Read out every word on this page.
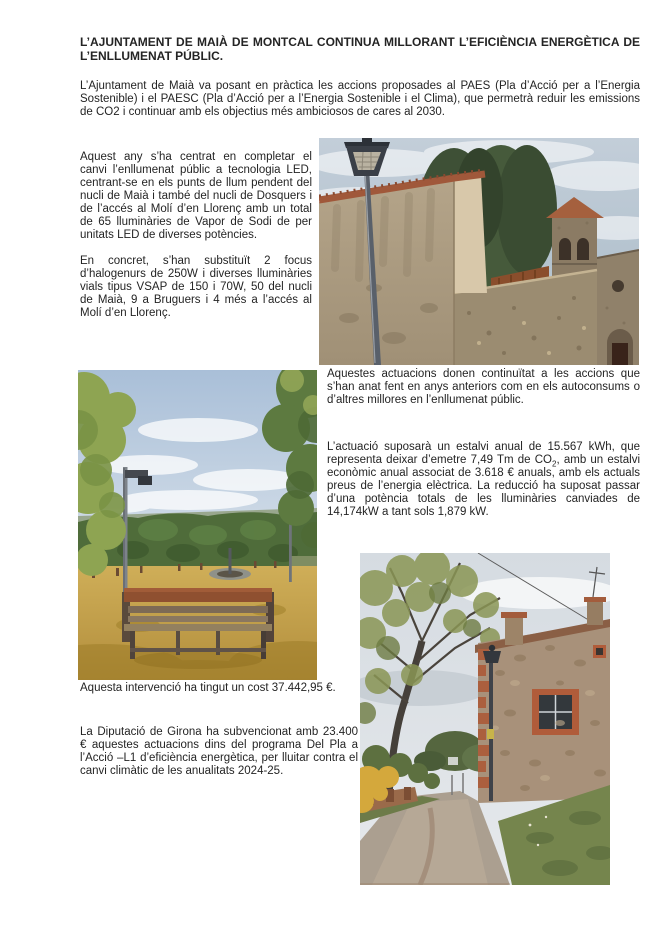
L’AJUNTAMENT DE MAIÀ DE MONTCAL CONTINUA MILLORANT L’EFICIÈNCIA ENERGÈTICA DE L’ENLLUMENAT PÚBLIC.

L’Ajuntament de Maià va posant en pràctica les accions proposades al PAES (Pla d’Acció per a l’Energia Sostenible) i el PAESC (Pla d’Acció per a l’Energia Sostenible i el Clima), que permetrà reduir les emissions de CO2 i continuar amb els objectius més ambiciosos de cares al 2030.

Aquest any s’ha centrat en completar el canvi l’enllumenat públic a tecnologia LED, centrant-se en els punts de llum pendent del nucli de Maià i també del nucli de Dosquers i de l’accés al Molí d’en Llorenç amb un total de 65 lluminàries de Vapor de Sodi de per unitats LED de diverses potències.

En concret, s’han substituït 2 focus d’halogenurs de 250W i diverses lluminàries vials tipus VSAP de 150 i 70W, 50 del nucli de Maià, 9 a Bruguers i 4 més a l’accés al Molí d’en Llorenç.

Aquestes actuacions donen continuïtat a les accions que s’han anat fent en anys anteriors com en els autoconsums o d’altres millores en l’enllumenat públic.

L’actuació suposarà un estalvi anual de 15.567 kWh, que representa deixar d’emetre 7,49 Tm de $CO_2$, amb un estalvi econòmic anual associat de 3.618 € anuals, amb els actuals preus de l’energia elèctrica. La reducció ha suposat passar d’una potència totals de les lluminàries canviades de 14,174kW a tant sols 1,879 kW.

Aquesta intervenció ha tingut un cost 37.442,95 €.

La Diputació de Girona ha subvencionat amb 23.400 € aquestes actuacions dins del programa Del Pla a l’Acció –L1 d’eficiència energètica, per lluitar contra el canvi climàtic de les anualitats 2024-25.
